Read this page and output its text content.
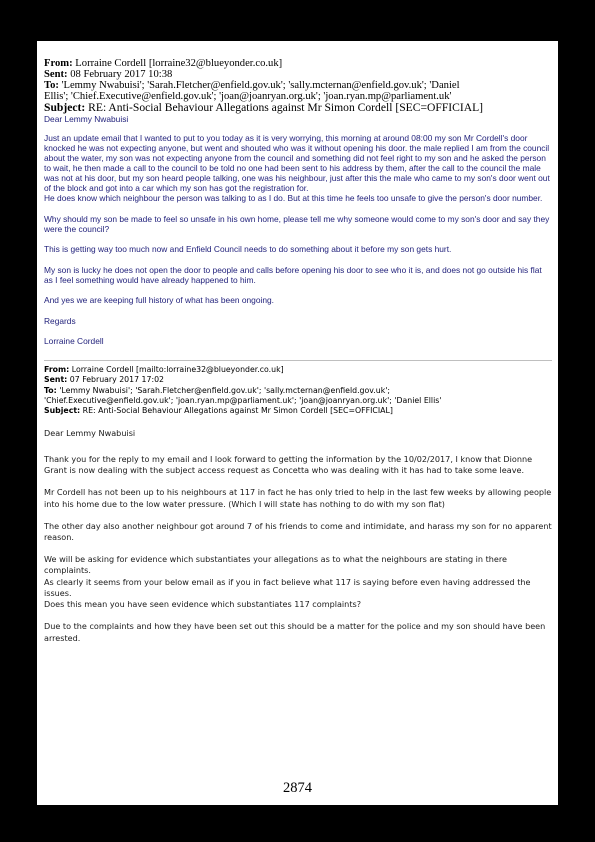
From: Lorraine Cordell [lorraine32@blueyonder.co.uk]
Sent: 08 February 2017 10:38
To: 'Lemmy Nwabuisi'; 'Sarah.Fletcher@enfield.gov.uk'; 'sally.mcternan@enfield.gov.uk'; 'Daniel
Ellis'; 'Chief.Executive@enfield.gov.uk'; 'joan@joanryan.org.uk'; 'joan.ryan.mp@parliament.uk'
Subject: RE: Anti-Social Behaviour Allegations against Mr Simon Cordell [SEC=OFFICIAL]

Dear Lemmy Nwabuisi

Just an update email that I wanted to put to you today as it is very worrying, this morning at around 08:00 my son Mr Cordell's door knocked he was not expecting anyone, but went and shouted who was it without opening his door. the male replied I am from the council about the water, my son was not expecting anyone from the council and something did not feel right to my son and he asked the person to wait, he then made a call to the council to be told no one had been sent to his address by them, after the call to the council the male was not at his door, but my son heard people talking, one was his neighbour, just after this the male who came to my son's door went out of the block and got into a car which my son has got the registration for.
He does know which neighbour the person was talking to as I do. But at this time he feels too unsafe to give the person's door number.

Why should my son be made to feel so unsafe in his own home, please tell me why someone would come to my son's door and say they were the council?

This is getting way too much now and Enfield Council needs to do something about it before my son gets hurt.

My son is lucky he does not open the door to people and calls before opening his door to see who it is, and does not go outside his flat as I feel something would have already happened to him.

And yes we are keeping full history of what has been ongoing.

Regards

Lorraine Cordell

From: Lorraine Cordell [mailto:lorraine32@blueyonder.co.uk]
Sent: 07 February 2017 17:02
To: 'Lemmy Nwabuisi'; 'Sarah.Fletcher@enfield.gov.uk'; 'sally.mcternan@enfield.gov.uk';
'Chief.Executive@enfield.gov.uk'; 'joan.ryan.mp@parliament.uk'; 'joan@joanryan.org.uk'; 'Daniel Ellis'
Subject: RE: Anti-Social Behaviour Allegations against Mr Simon Cordell [SEC=OFFICIAL]

Dear Lemmy Nwabuisi

Thank you for the reply to my email and I look forward to getting the information by the 10/02/2017, I know that Dionne Grant is now dealing with the subject access request as Concetta who was dealing with it has had to take some leave.

Mr Cordell has not been up to his neighbours at 117 in fact he has only tried to help in the last few weeks by allowing people into his home due to the low water pressure. (Which I will state has nothing to do with my son flat)

The other day also another neighbour got around 7 of his friends to come and intimidate, and harass my son for no apparent reason.

We will be asking for evidence which substantiates your allegations as to what the neighbours are stating in there complaints.
As clearly it seems from your below email as if you in fact believe what 117 is saying before even having addressed the issues.
Does this mean you have seen evidence which substantiates 117 complaints?

Due to the complaints and how they have been set out this should be a matter for the police and my son should have been arrested.

2874
